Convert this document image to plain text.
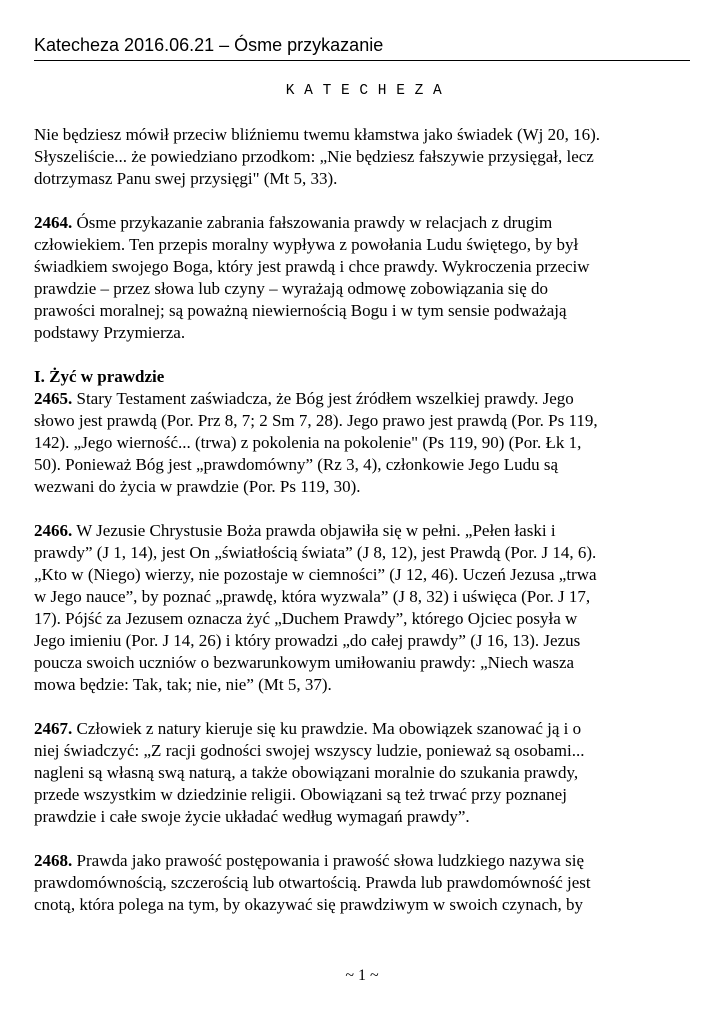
Katecheza 2016.06.21 – Ósme przykazanie

K A T E C H E Z A

Nie będziesz mówił przeciw bliźniemu twemu kłamstwa jako świadek (Wj 20, 16).
Słyszeliście... że powiedziano przodkom: „Nie będziesz fałszywie przysięgał, lecz
dotrzymasz Panu swej przysięgi" (Mt 5, 33).
2464. Ósme przykazanie zabrania fałszowania prawdy w relacjach z drugim
człowiekiem. Ten przepis moralny wypływa z powołania Ludu świętego, by był
świadkiem swojego Boga, który jest prawdą i chce prawdy. Wykroczenia przeciw
prawdzie – przez słowa lub czyny – wyrażają odmowę zobowiązania się do
prawości moralnej; są poważną niewiernością Bogu i w tym sensie podważają
podstawy Przymierza.
I. Żyć w prawdzie
2465. Stary Testament zaświadcza, że Bóg jest źródłem wszelkiej prawdy. Jego
słowo jest prawdą (Por. Prz 8, 7; 2 Sm 7, 28). Jego prawo jest prawdą (Por. Ps 119,
142). „Jego wierność... (trwa) z pokolenia na pokolenie" (Ps 119, 90) (Por. Łk 1,
50). Ponieważ Bóg jest „prawdomówny” (Rz 3, 4), członkowie Jego Ludu są
wezwani do życia w prawdzie (Por. Ps 119, 30).
2466. W Jezusie Chrystusie Boża prawda objawiła się w pełni. „Pełen łaski i
prawdy” (J 1, 14), jest On „światłością świata” (J 8, 12), jest Prawdą (Por. J 14, 6).
„Kto w (Niego) wierzy, nie pozostaje w ciemności” (J 12, 46). Uczeń Jezusa „trwa
w Jego nauce”, by poznać „prawdę, która wyzwala” (J 8, 32) i uświęca (Por. J 17,
17). Pójść za Jezusem oznacza żyć „Duchem Prawdy”, którego Ojciec posyła w
Jego imieniu (Por. J 14, 26) i który prowadzi „do całej prawdy” (J 16, 13). Jezus
poucza swoich uczniów o bezwarunkowym umiłowaniu prawdy: „Niech wasza
mowa będzie: Tak, tak; nie, nie” (Mt 5, 37).
2467. Człowiek z natury kieruje się ku prawdzie. Ma obowiązek szanować ją i o
niej świadczyć: „Z racji godności swojej wszyscy ludzie, ponieważ są osobami...
nagleni są własną swą naturą, a także obowiązani moralnie do szukania prawdy,
przede wszystkim w dziedzinie religii. Obowiązani są też trwać przy poznanej
prawdzie i całe swoje życie układać według wymagań prawdy”.
2468. Prawda jako prawość postępowania i prawość słowa ludzkiego nazywa się
prawdomównością, szczerością lub otwartością. Prawda lub prawdomówność jest
cnotą, która polega na tym, by okazywać się prawdziwym w swoich czynach, by
~ 1 ~
